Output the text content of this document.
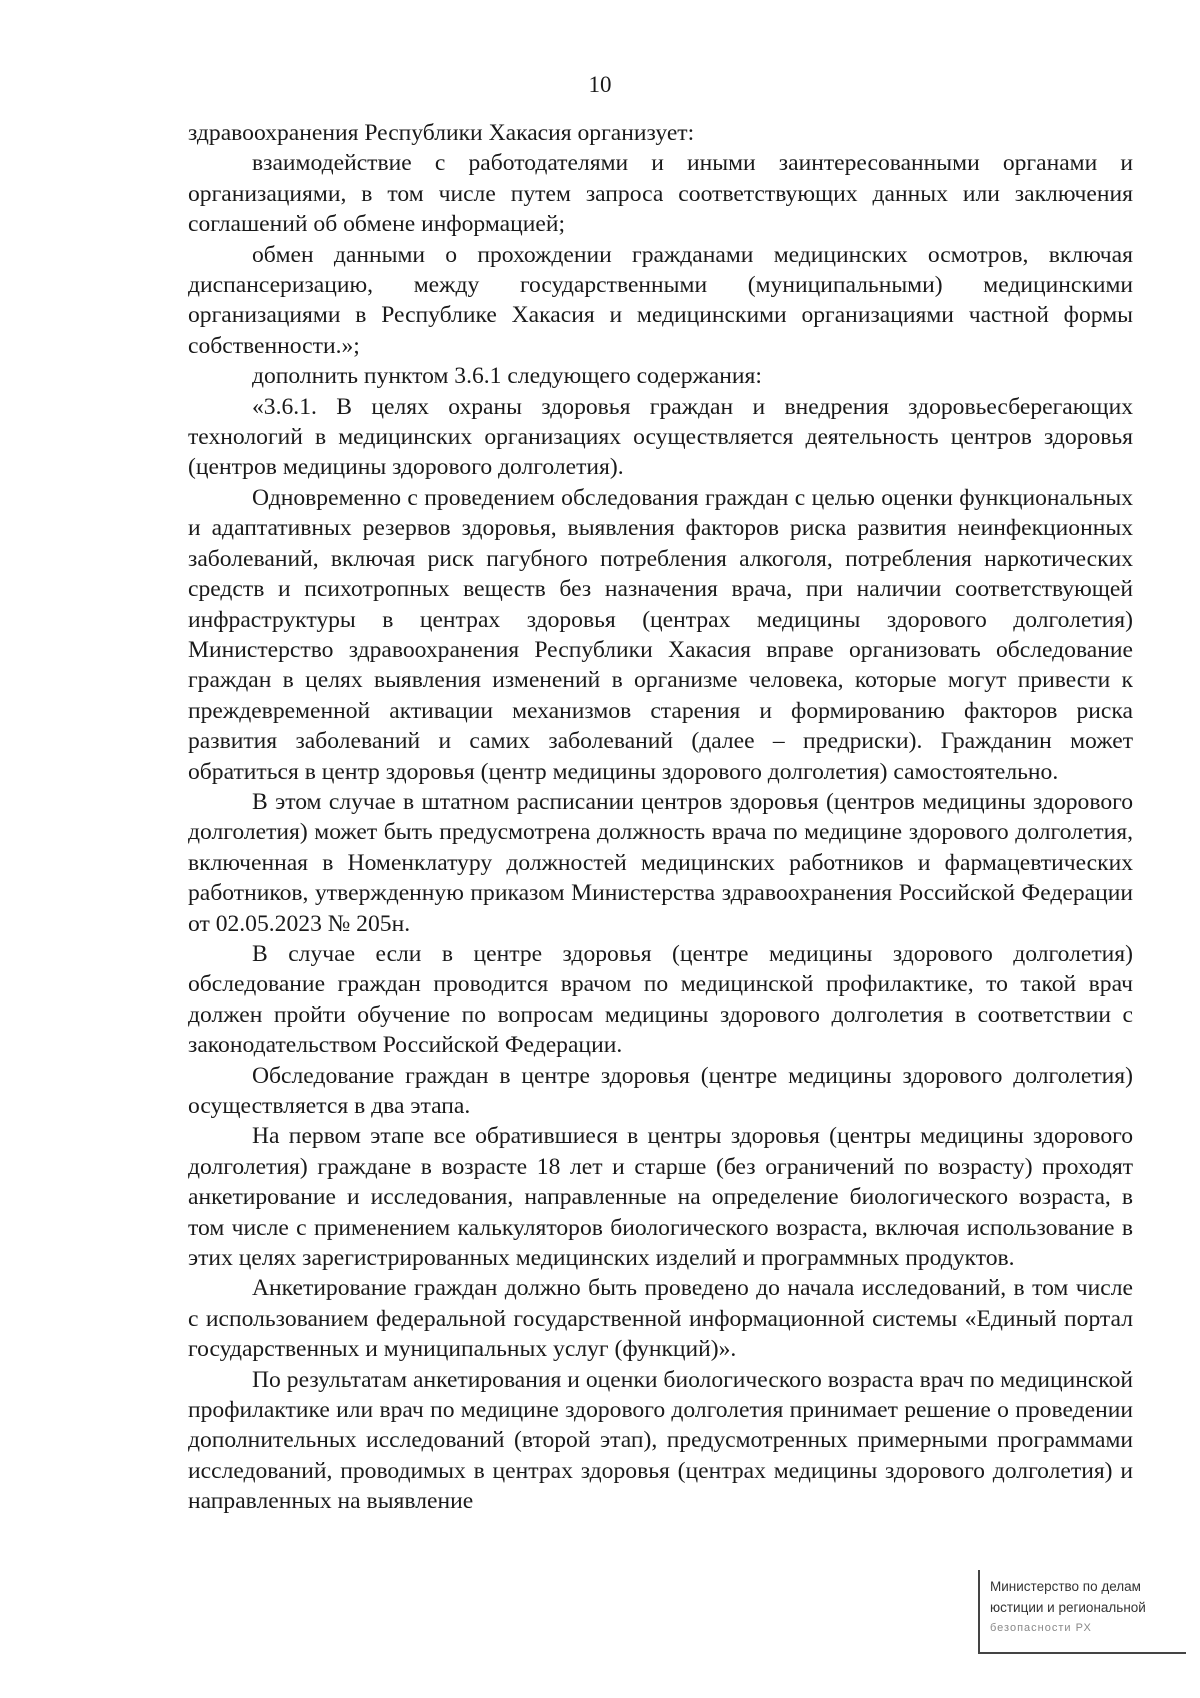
10

здравоохранения Республики Хакасия организует:

взаимодействие с работодателями и иными заинтересованными органами и организациями, в том числе путем запроса соответствующих данных или заключения соглашений об обмене информацией;

обмен данными о прохождении гражданами медицинских осмотров, включая диспансеризацию, между государственными (муниципальными) медицинскими организациями в Республике Хакасия и медицинскими организациями частной формы собственности.»;

дополнить пунктом 3.6.1 следующего содержания:

«3.6.1. В целях охраны здоровья граждан и внедрения здоровьесберегающих технологий в медицинских организациях осуществляется деятельность центров здоровья (центров медицины здорового долголетия).

Одновременно с проведением обследования граждан с целью оценки функциональных и адаптативных резервов здоровья, выявления факторов риска развития неинфекционных заболеваний, включая риск пагубного потребления алкоголя, потребления наркотических средств и психотропных веществ без назначения врача, при наличии соответствующей инфраструктуры в центрах здоровья (центрах медицины здорового долголетия) Министерство здравоохранения Республики Хакасия вправе организовать обследование граждан в целях выявления изменений в организме человека, которые могут привести к преждевременной активации механизмов старения и формированию факторов риска развития заболеваний и самих заболеваний (далее – предриски). Гражданин может обратиться в центр здоровья (центр медицины здорового долголетия) самостоятельно.

В этом случае в штатном расписании центров здоровья (центров медицины здорового долголетия) может быть предусмотрена должность врача по медицине здорового долголетия, включенная в Номенклатуру должностей медицинских работников и фармацевтических работников, утвержденную приказом Министерства здравоохранения Российской Федерации от 02.05.2023 № 205н.

В случае если в центре здоровья (центре медицины здорового долголетия) обследование граждан проводится врачом по медицинской профилактике, то такой врач должен пройти обучение по вопросам медицины здорового долголетия в соответствии с законодательством Российской Федерации.

Обследование граждан в центре здоровья (центре медицины здорового долголетия) осуществляется в два этапа.

На первом этапе все обратившиеся в центры здоровья (центры медицины здорового долголетия) граждане в возрасте 18 лет и старше (без ограничений по возрасту) проходят анкетирование и исследования, направленные на определение биологического возраста, в том числе с применением калькуляторов биологического возраста, включая использование в этих целях зарегистрированных медицинских изделий и программных продуктов.

Анкетирование граждан должно быть проведено до начала исследований, в том числе с использованием федеральной государственной информационной системы «Единый портал государственных и муниципальных услуг (функций)».

По результатам анкетирования и оценки биологического возраста врач по медицинской профилактике или врач по медицине здорового долголетия принимает решение о проведении дополнительных исследований (второй этап), предусмотренных примерными программами исследований, проводимых в центрах здоровья (центрах медицины здорового долголетия) и направленных на выявление

Министерство по делам
юстиции и региональной
безопасности РХ
